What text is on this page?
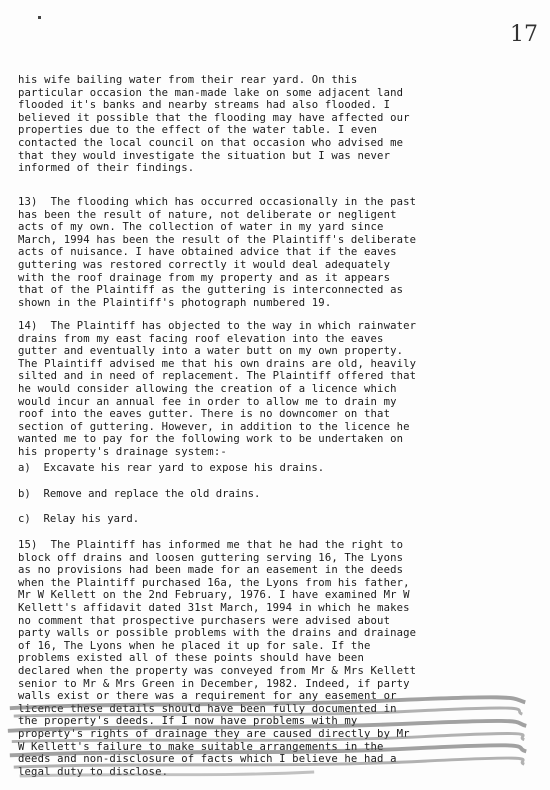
17
his wife bailing water from their rear yard. On this
particular occasion the man-made lake on some adjacent land
flooded it's banks and nearby streams had also flooded. I
believed it possible that the flooding may have affected our
properties due to the effect of the water table. I even
contacted the local council on that occasion who advised me
that they would investigate the situation but I was never
informed of their findings.
13)  The flooding which has occurred occasionally in the past
has been the result of nature, not deliberate or negligent
acts of my own. The collection of water in my yard since
March, 1994 has been the result of the Plaintiff's deliberate
acts of nuisance. I have obtained advice that if the eaves
guttering was restored correctly it would deal adequately
with the roof drainage from my property and as it appears
that of the Plaintiff as the guttering is interconnected as
shown in the Plaintiff's photograph numbered 19.
14)  The Plaintiff has objected to the way in which rainwater
drains from my east facing roof elevation into the eaves
gutter and eventually into a water butt on my own property.
The Plaintiff advised me that his own drains are old, heavily
silted and in need of replacement. The Plaintiff offered that
he would consider allowing the creation of a licence which
would incur an annual fee in order to allow me to drain my
roof into the eaves gutter. There is no downcomer on that
section of guttering. However, in addition to the licence he
wanted me to pay for the following work to be undertaken on
his property's drainage system:-
a)  Excavate his rear yard to expose his drains.
b)  Remove and replace the old drains.
c)  Relay his yard.
15)  The Plaintiff has informed me that he had the right to
block off drains and loosen guttering serving 16, The Lyons
as no provisions had been made for an easement in the deeds
when the Plaintiff purchased 16a, the Lyons from his father,
Mr W Kellett on the 2nd February, 1976. I have examined Mr W
Kellett's affidavit dated 31st March, 1994 in which he makes
no comment that prospective purchasers were advised about
party walls or possible problems with the drains and drainage
of 16, The Lyons when he placed it up for sale. If the
problems existed all of these points should have been
declared when the property was conveyed from Mr & Mrs Kellett
senior to Mr & Mrs Green in December, 1982. Indeed, if party
walls exist or there was a requirement for any easement or
licence these details should have been fully documented in
the property's deeds. If I now have problems with my
property's rights of drainage they are caused directly by Mr
W Kellett's failure to make suitable arrangements in the
deeds and non-disclosure of facts which I believe he had a
legal duty to disclose.
